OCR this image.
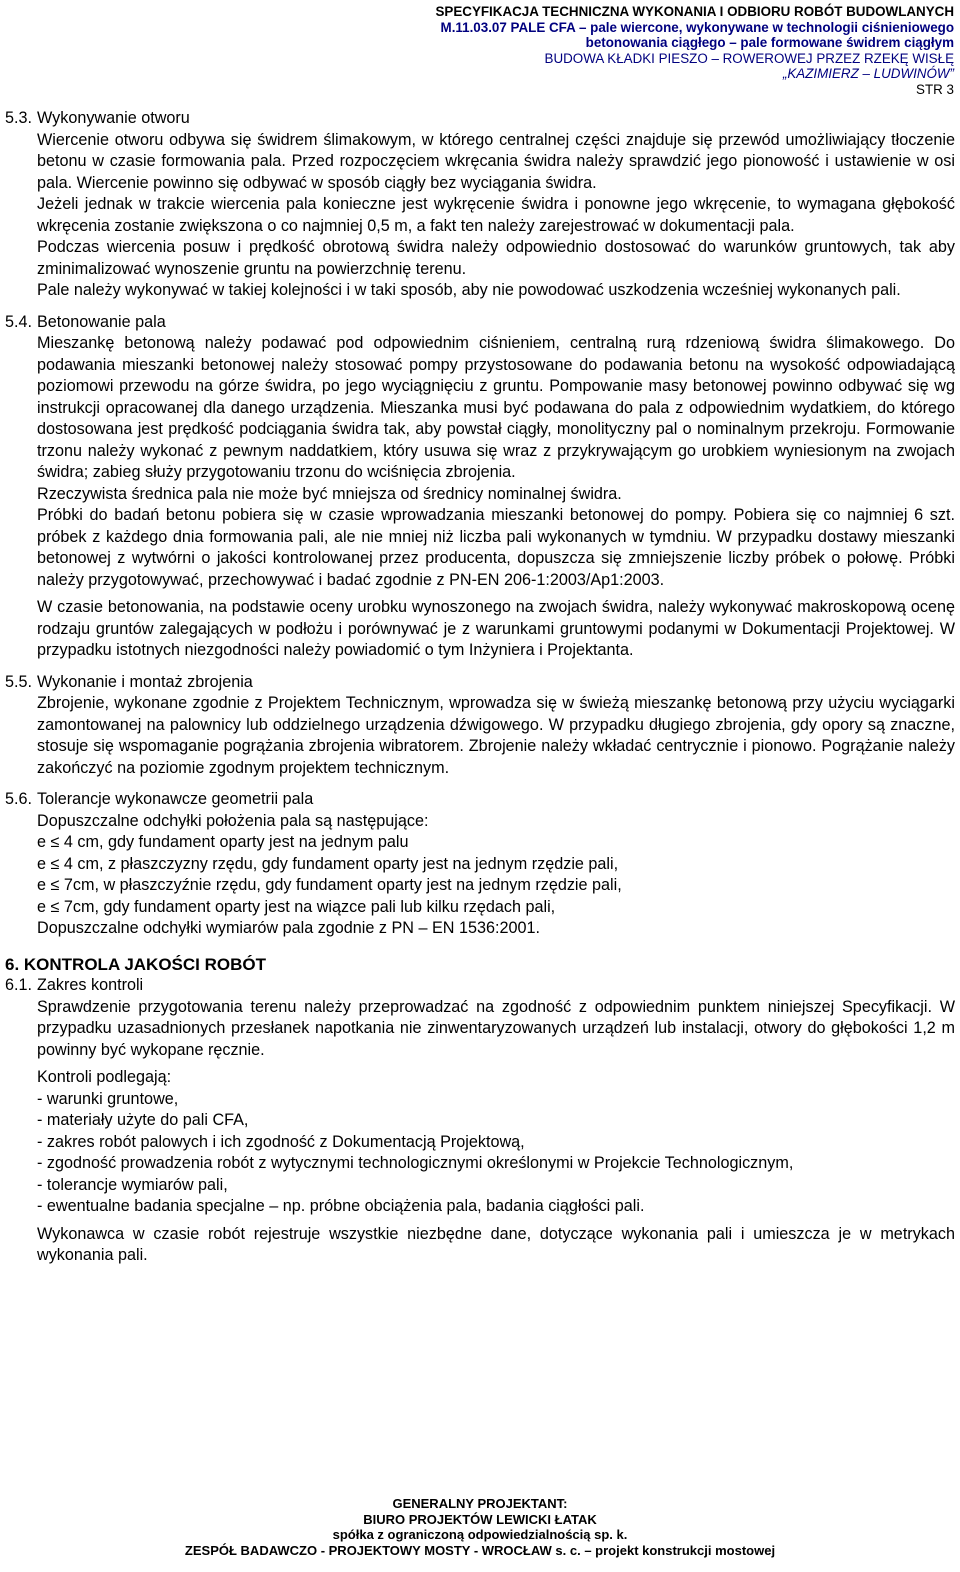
SPECYFIKACJA TECHNICZNA WYKONANIA I ODBIORU ROBÓT BUDOWLANYCH
M.11.03.07 PALE CFA – pale wiercone, wykonywane w technologii ciśnieniowego
betonowania ciągłego – pale formowane świdrem ciągłym
BUDOWA KŁADKI PIESZO – ROWEROWEJ PRZEZ RZEKĘ WISŁĘ
„KAZIMIERZ – LUDWINÓW”
STR 3
5.3. Wykonywanie otworu

Wiercenie otworu odbywa się świdrem ślimakowym, w którego centralnej części znajduje się przewód umożliwiający tłoczenie betonu w czasie formowania pala. Przed rozpoczęciem wkręcania świdra należy sprawdzić jego pionowość i ustawienie w osi pala. Wiercenie powinno się odbywać w sposób ciągły bez wyciągania świdra.

Jeżeli jednak w trakcie wiercenia pala konieczne jest wykręcenie świdra i ponowne jego wkręcenie, to wymagana głębokość wkręcenia zostanie zwiększona o co najmniej 0,5 m, a fakt ten należy zarejestrować w dokumentacji pala.

Podczas wiercenia posuw i prędkość obrotową świdra należy odpowiednio dostosować do warunków gruntowych, tak aby zminimalizować wynoszenie gruntu na powierzchnię terenu.

Pale należy wykonywać w takiej kolejności i w taki sposób, aby nie powodować uszkodzenia wcześniej wykonanych pali.

5.4. Betonowanie pala

Mieszankę betonową należy podawać pod odpowiednim ciśnieniem, centralną rurą rdzeniową świdra ślimakowego. Do podawania mieszanki betonowej należy stosować pompy przystosowane do podawania betonu na wysokość odpowiadającą poziomowi przewodu na górze świdra, po jego wyciągnięciu z gruntu. Pompowanie masy betonowej powinno odbywać się wg instrukcji opracowanej dla danego urządzenia. Mieszanka musi być podawana do pala z odpowiednim wydatkiem, do którego dostosowana jest prędkość podciągania świdra tak, aby powstał ciągły, monolityczny pal o nominalnym przekroju. Formowanie trzonu należy wykonać z pewnym naddatkiem, który usuwa się wraz z przykrywającym go urobkiem wyniesionym na zwojach świdra; zabieg służy przygotowaniu trzonu do wciśnięcia zbrojenia.

Rzeczywista średnica pala nie może być mniejsza od średnicy nominalnej świdra.

Próbki do badań betonu pobiera się w czasie wprowadzania mieszanki betonowej do pompy. Pobiera się co najmniej 6 szt. próbek z każdego dnia formowania pali, ale nie mniej niż liczba pali wykonanych w tymdniu. W przypadku dostawy mieszanki betonowej z wytwórni o jakości kontrolowanej przez producenta, dopuszcza się zmniejszenie liczby próbek o połowę. Próbki należy przygotowywać, przechowywać i badać zgodnie z PN-EN 206-1:2003/Ap1:2003.

W czasie betonowania, na podstawie oceny urobku wynoszonego na zwojach świdra, należy wykonywać makroskopową ocenę rodzaju gruntów zalegających w podłożu i porównywać je z warunkami gruntowymi podanymi w Dokumentacji Projektowej. W przypadku istotnych niezgodności należy powiadomić o tym Inżyniera i Projektanta.

5.5. Wykonanie i montaż zbrojenia

Zbrojenie, wykonane zgodnie z Projektem Technicznym, wprowadza się w świeżą mieszankę betonową przy użyciu wyciągarki zamontowanej na palownicy lub oddzielnego urządzenia dźwigowego. W przypadku długiego zbrojenia, gdy opory są znaczne, stosuje się wspomaganie pogrążania zbrojenia wibratorem. Zbrojenie należy wkładać centrycznie i pionowo. Pogrążanie należy zakończyć na poziomie zgodnym projektem technicznym.

5.6. Tolerancje wykonawcze geometrii pala

Dopuszczalne odchyłki położenia pala są następujące:

e ≤ 4 cm, gdy fundament oparty jest na jednym palu

e ≤ 4 cm, z płaszczyzny rzędu, gdy fundament oparty jest na jednym rzędzie pali,

e ≤ 7cm, w płaszczyźnie rzędu, gdy fundament oparty jest na jednym rzędzie pali,

e ≤ 7cm, gdy fundament oparty jest na wiązce pali lub kilku rzędach pali,

Dopuszczalne odchyłki wymiarów pala zgodnie z PN – EN 1536:2001.

6. KONTROLA JAKOŚCI ROBÓT
6.1. Zakres kontroli

Sprawdzenie przygotowania terenu należy przeprowadzać na zgodność z odpowiednim punktem niniejszej Specyfikacji. W przypadku uzasadnionych przesłanek napotkania nie zinwentaryzowanych urządzeń lub instalacji, otwory do głębokości 1,2 m powinny być wykopane ręcznie.

Kontroli podlegają:

- warunki gruntowe,

- materiały użyte do pali CFA,

- zakres robót palowych i ich zgodność z Dokumentacją Projektową,

- zgodność prowadzenia robót z wytycznymi technologicznymi określonymi w Projekcie Technologicznym,

- tolerancje wymiarów pali,

- ewentualne badania specjalne – np. próbne obciążenia pala, badania ciągłości pali.

Wykonawca w czasie robót rejestruje wszystkie niezbędne dane, dotyczące wykonania pali i umieszcza je w metrykach wykonania pali.

GENERALNY PROJEKTANT:
BIURO PROJEKTÓW LEWICKI ŁATAK
spółka z ograniczoną odpowiedzialnością sp. k.
ZESPÓŁ BADAWCZO - PROJEKTOWY MOSTY - WROCŁAW s. c. – projekt konstrukcji mostowej
